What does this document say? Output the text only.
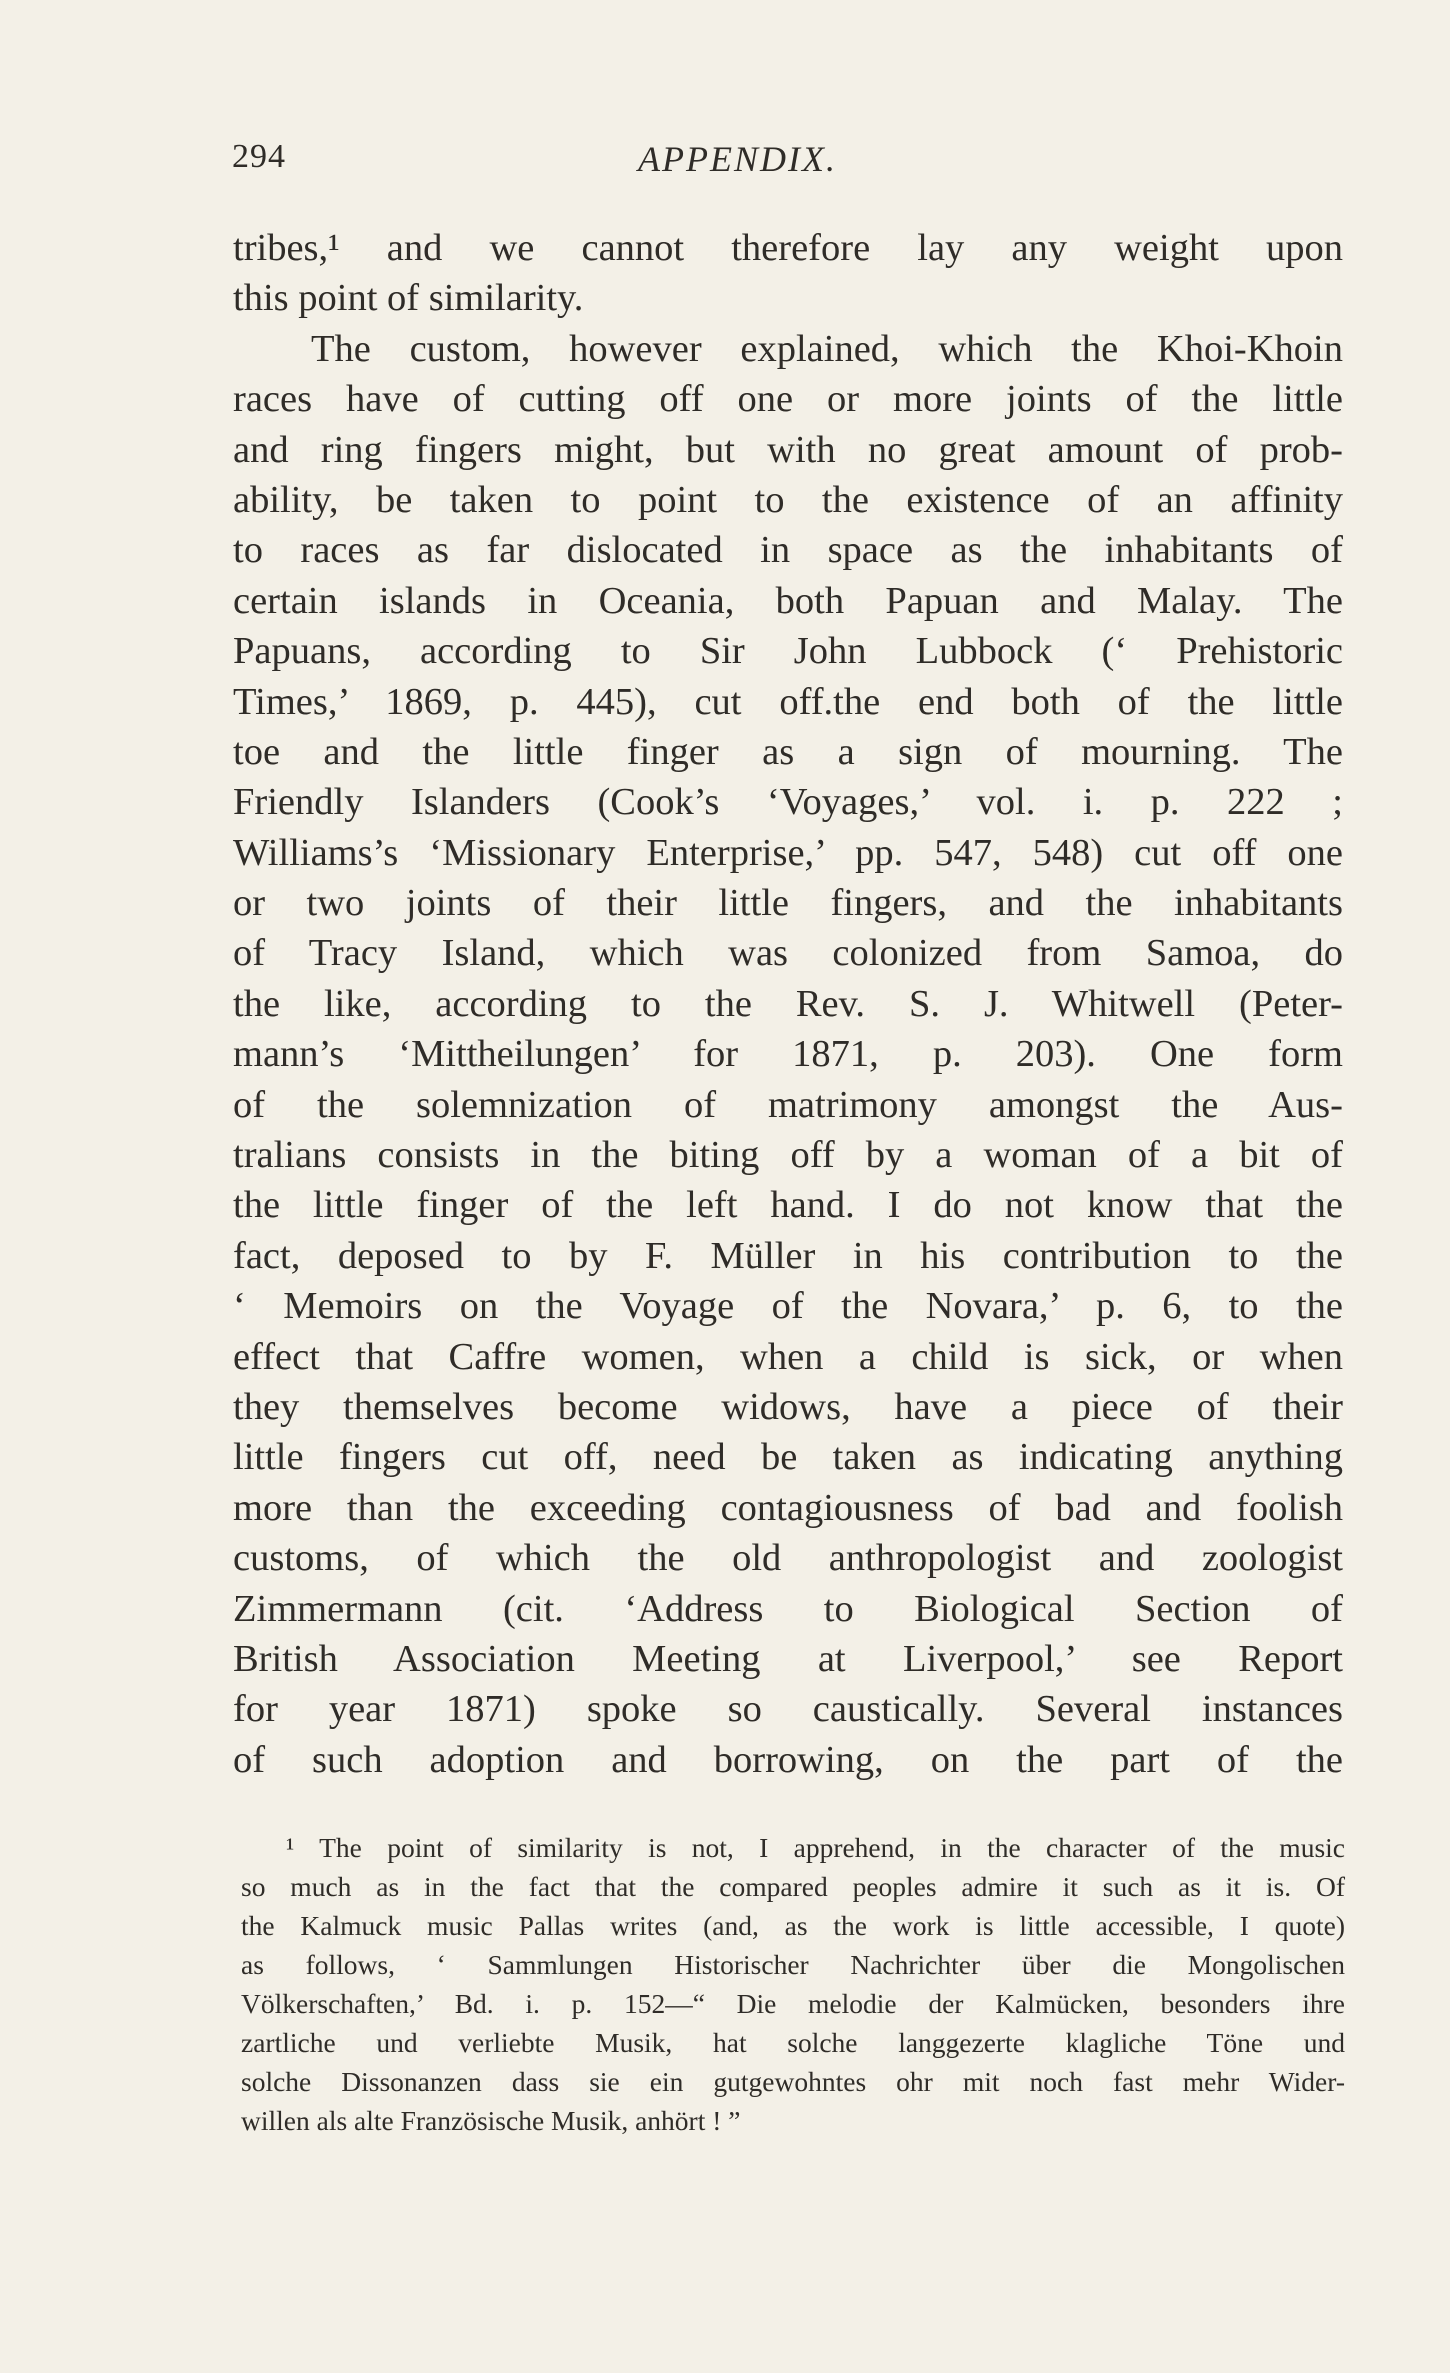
294	APPENDIX.
tribes,¹ and we cannot therefore lay any weight upon
this point of similarity.
The custom, however explained, which the Khoi-Khoin
races have of cutting off one or more joints of the little
and ring fingers might, but with no great amount of prob-
ability, be taken to point to the existence of an affinity
to races as far dislocated in space as the inhabitants of
certain islands in Oceania, both Papuan and Malay. The
Papuans, according to Sir John Lubbock (‘ Prehistoric
Times,’ 1869, p. 445), cut off.the end both of the little
toe and the little finger as a sign of mourning. The
Friendly Islanders (Cook’s ‘Voyages,’ vol. i. p. 222 ;
Williams’s ‘Missionary Enterprise,’ pp. 547, 548) cut off one
or two joints of their little fingers, and the inhabitants
of Tracy Island, which was colonized from Samoa, do
the like, according to the Rev. S. J. Whitwell (Peter-
mann’s ‘Mittheilungen’ for 1871, p. 203). One form
of the solemnization of matrimony amongst the Aus-
tralians consists in the biting off by a woman of a bit of
the little finger of the left hand. I do not know that the
fact, deposed to by F. Müller in his contribution to the
‘ Memoirs on the Voyage of the Novara,’ p. 6, to the
effect that Caffre women, when a child is sick, or when
they themselves become widows, have a piece of their
little fingers cut off, need be taken as indicating anything
more than the exceeding contagiousness of bad and foolish
customs, of which the old anthropologist and zoologist
Zimmermann (cit. ‘Address to Biological Section of
British Association Meeting at Liverpool,’ see Report
for year 1871) spoke so caustically. Several instances
of such adoption and borrowing, on the part of the
¹ The point of similarity is not, I apprehend, in the character of the music
so much as in the fact that the compared peoples admire it such as it is. Of
the Kalmuck music Pallas writes (and, as the work is little accessible, I quote)
as follows, ‘ Sammlungen Historischer Nachrichter über die Mongolischen
Völkerschaften,’ Bd. i. p. 152—“ Die melodie der Kalmücken, besonders ihre
zartliche und verliebte Musik, hat solche langgezerte klagliche Töne und
solche Dissonanzen dass sie ein gutgewohntes ohr mit noch fast mehr Wider-
willen als alte Französische Musik, anhört ! ”
